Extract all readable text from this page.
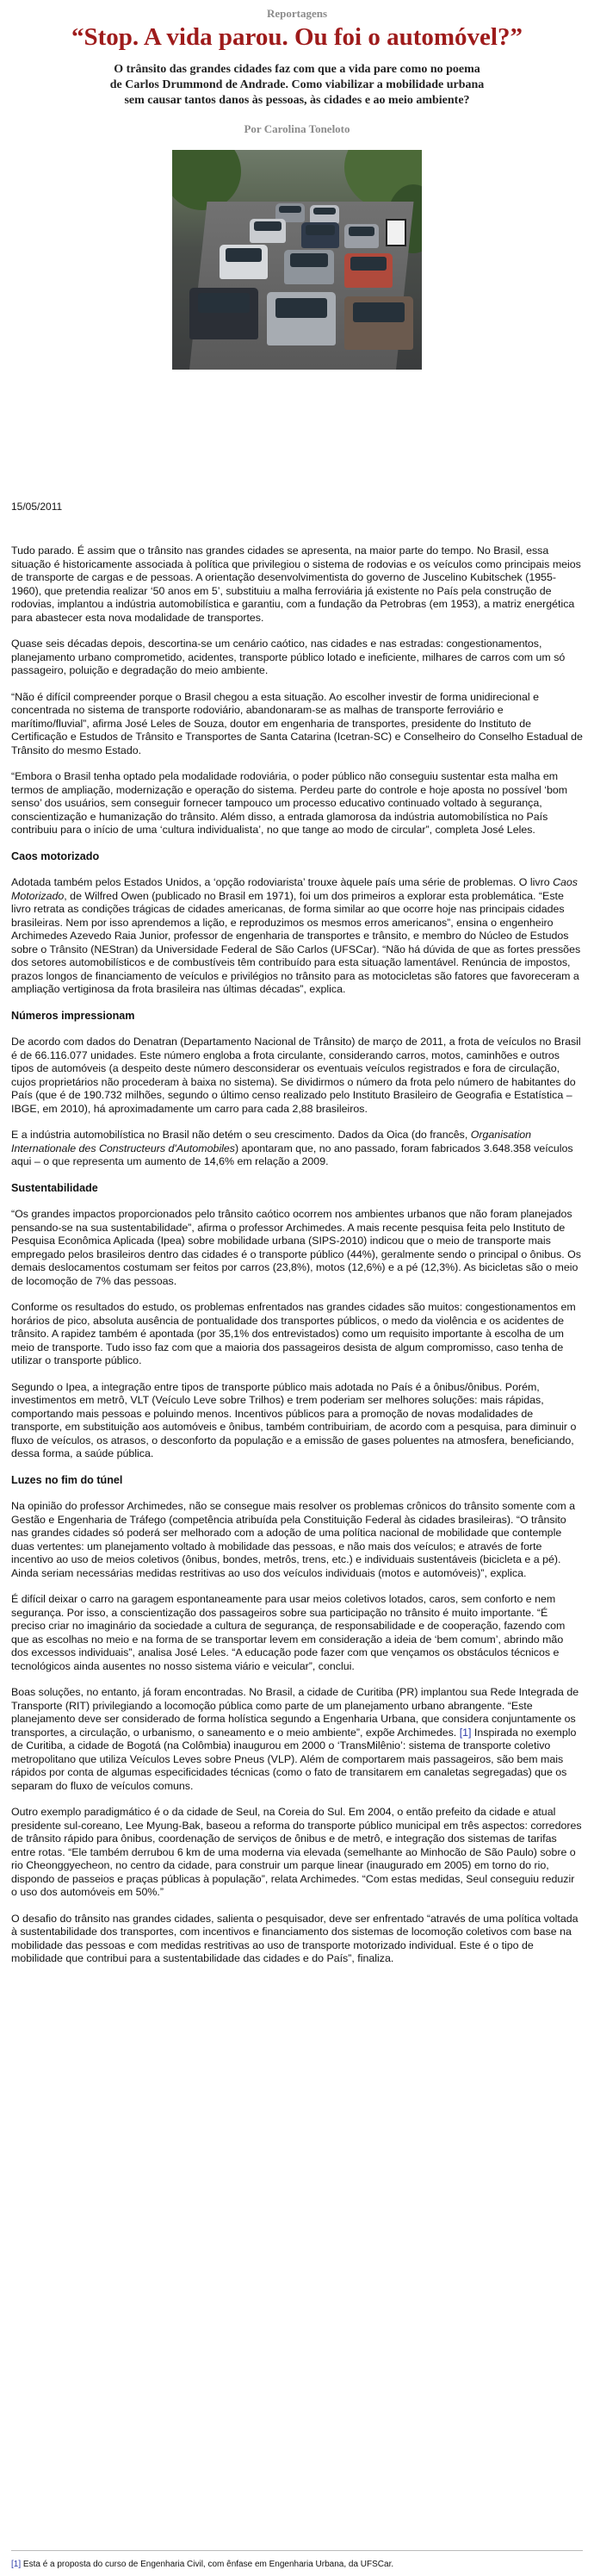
Reportagens
“Stop. A vida parou. Ou foi o automóvel?”
O trânsito das grandes cidades faz com que a vida pare como no poema de Carlos Drummond de Andrade. Como viabilizar a mobilidade urbana sem causar tantos danos às pessoas, às cidades e ao meio ambiente?
Por Carolina Toneloto
15/05/2011

Tudo parado. É assim que o trânsito nas grandes cidades se apresenta, na maior parte do tempo. No Brasil, essa situação é historicamente associada à política que privilegiou o sistema de rodovias e os veículos como principais meios de transporte de cargas e de pessoas. A orientação desenvolvimentista do governo de Juscelino Kubitschek (1955-1960), que pretendia realizar ‘50 anos em 5’, substituiu a malha ferroviária já existente no País pela construção de rodovias, implantou a indústria automobilística e garantiu, com a fundação da Petrobras (em 1953), a matriz energética para abastecer esta nova modalidade de transportes.

Quase seis décadas depois, descortina-se um cenário caótico, nas cidades e nas estradas: congestionamentos, planejamento urbano comprometido, acidentes, transporte público lotado e ineficiente, milhares de carros com um só passageiro, poluição e degradação do meio ambiente.

“Não é difícil compreender porque o Brasil chegou a esta situação. Ao escolher investir de forma unidirecional e concentrada no sistema de transporte rodoviário, abandonaram-se as malhas de transporte ferroviário e marítimo/fluvial”, afirma José Leles de Souza, doutor em engenharia de transportes, presidente do Instituto de Certificação e Estudos de Trânsito e Transportes de Santa Catarina (Icetran-SC) e Conselheiro do Conselho Estadual de Trânsito do mesmo Estado.

“Embora o Brasil tenha optado pela modalidade rodoviária, o poder público não conseguiu sustentar esta malha em termos de ampliação, modernização e operação do sistema. Perdeu parte do controle e hoje aposta no possível ‘bom senso’ dos usuários, sem conseguir fornecer tampouco um processo educativo continuado voltado à segurança, conscientização e humanização do trânsito. Além disso, a entrada glamorosa da indústria automobilística no País contribuiu para o início de uma ‘cultura individualista’, no que tange ao modo de circular”, completa José Leles.

Caos motorizado

Adotada também pelos Estados Unidos, a ‘opção rodoviarista’ trouxe àquele país uma série de problemas. O livro Caos Motorizado, de Wilfred Owen (publicado no Brasil em 1971), foi um dos primeiros a explorar esta problemática. “Este livro retrata as condições trágicas de cidades americanas, de forma similar ao que ocorre hoje nas principais cidades brasileiras. Nem por isso aprendemos a lição, e reproduzimos os mesmos erros americanos”, ensina o engenheiro Archimedes Azevedo Raia Junior, professor de engenharia de transportes e trânsito, e membro do Núcleo de Estudos sobre o Trânsito (NEStran) da Universidade Federal de São Carlos (UFSCar). “Não há dúvida de que as fortes pressões dos setores automobilísticos e de combustíveis têm contribuído para esta situação lamentável. Renúncia de impostos, prazos longos de financiamento de veículos e privilégios no trânsito para as motocicletas são fatores que favoreceram a ampliação vertiginosa da frota brasileira nas últimas décadas”, explica.

Números impressionam

De acordo com dados do Denatran (Departamento Nacional de Trânsito) de março de 2011, a frota de veículos no Brasil é de 66.116.077 unidades. Este número engloba a frota circulante, considerando carros, motos, caminhões e outros tipos de automóveis (a despeito deste número desconsiderar os eventuais veículos registrados e fora de circulação, cujos proprietários não procederam à baixa no sistema). Se dividirmos o número da frota pelo número de habitantes do País (que é de 190.732 milhões, segundo o último censo realizado pelo Instituto Brasileiro de Geografia e Estatística – IBGE, em 2010), há aproximadamente um carro para cada 2,88 brasileiros.

E a indústria automobilística no Brasil não detém o seu crescimento. Dados da Oica (do francês, Organisation Internationale des Constructeurs d'Automobiles) apontaram que, no ano passado, foram fabricados 3.648.358 veículos aqui – o que representa um aumento de 14,6% em relação a 2009.

Sustentabilidade

“Os grandes impactos proporcionados pelo trânsito caótico ocorrem nos ambientes urbanos que não foram planejados pensando-se na sua sustentabilidade”, afirma o professor Archimedes. A mais recente pesquisa feita pelo Instituto de Pesquisa Econômica Aplicada (Ipea) sobre mobilidade urbana (SIPS-2010) indicou que o meio de transporte mais empregado pelos brasileiros dentro das cidades é o transporte público (44%), geralmente sendo o principal o ônibus. Os demais deslocamentos costumam ser feitos por carros (23,8%), motos (12,6%) e a pé (12,3%). As bicicletas são o meio de locomoção de 7% das pessoas.

Conforme os resultados do estudo, os problemas enfrentados nas grandes cidades são muitos: congestionamentos em horários de pico, absoluta ausência de pontualidade dos transportes públicos, o medo da violência e os acidentes de trânsito. A rapidez também é apontada (por 35,1% dos entrevistados) como um requisito importante à escolha de um meio de transporte. Tudo isso faz com que a maioria dos passageiros desista de algum compromisso, caso tenha de utilizar o transporte público.

Segundo o Ipea, a integração entre tipos de transporte público mais adotada no País é a ônibus/ônibus. Porém, investimentos em metrô, VLT (Veículo Leve sobre Trilhos) e trem poderiam ser melhores soluções: mais rápidas, comportando mais pessoas e poluindo menos. Incentivos públicos para a promoção de novas modalidades de transporte, em substituição aos automóveis e ônibus, também contribuiriam, de acordo com a pesquisa, para diminuir o fluxo de veículos, os atrasos, o desconforto da população e a emissão de gases poluentes na atmosfera, beneficiando, dessa forma, a saúde pública.

Luzes no fim do túnel

Na opinião do professor Archimedes, não se consegue mais resolver os problemas crônicos do trânsito somente com a Gestão e Engenharia de Tráfego (competência atribuída pela Constituição Federal às cidades brasileiras). “O trânsito nas grandes cidades só poderá ser melhorado com a adoção de uma política nacional de mobilidade que contemple duas vertentes: um planejamento voltado à mobilidade das pessoas, e não mais dos veículos; e através de forte incentivo ao uso de meios coletivos (ônibus, bondes, metrôs, trens, etc.) e individuais sustentáveis (bicicleta e a pé). Ainda seriam necessárias medidas restritivas ao uso dos veículos individuais (motos e automóveis)”, explica.

É difícil deixar o carro na garagem espontaneamente para usar meios coletivos lotados, caros, sem conforto e nem segurança. Por isso, a conscientização dos passageiros sobre sua participação no trânsito é muito importante. “É preciso criar no imaginário da sociedade a cultura de segurança, de responsabilidade e de cooperação, fazendo com que as escolhas no meio e na forma de se transportar levem em consideração a ideia de ‘bem comum’, abrindo mão dos excessos individuais”, analisa José Leles. “A educação pode fazer com que vençamos os obstáculos técnicos e tecnológicos ainda ausentes no nosso sistema viário e veicular”, conclui.

Boas soluções, no entanto, já foram encontradas. No Brasil, a cidade de Curitiba (PR) implantou sua Rede Integrada de Transporte (RIT) privilegiando a locomoção pública como parte de um planejamento urbano abrangente. “Este planejamento deve ser considerado de forma holística segundo a Engenharia Urbana, que considera conjuntamente os transportes, a circulação, o urbanismo, o saneamento e o meio ambiente”, expõe Archimedes. [1] Inspirada no exemplo de Curitiba, a cidade de Bogotá (na Colômbia) inaugurou em 2000 o ‘TransMilênio’: sistema de transporte coletivo metropolitano que utiliza Veículos Leves sobre Pneus (VLP). Além de comportarem mais passageiros, são bem mais rápidos por conta de algumas especificidades técnicas (como o fato de transitarem em canaletas segregadas) que os separam do fluxo de veículos comuns.

Outro exemplo paradigmático é o da cidade de Seul, na Coreia do Sul. Em 2004, o então prefeito da cidade e atual presidente sul-coreano, Lee Myung-Bak, baseou a reforma do transporte público municipal em três aspectos: corredores de trânsito rápido para ônibus, coordenação de serviços de ônibus e de metrô, e integração dos sistemas de tarifas entre rotas. “Ele também derrubou 6 km de uma moderna via elevada (semelhante ao Minhocão de São Paulo) sobre o rio Cheonggyecheon, no centro da cidade, para construir um parque linear (inaugurado em 2005) em torno do rio, dispondo de passeios e praças públicas à população”, relata Archimedes. “Com estas medidas, Seul conseguiu reduzir o uso dos automóveis em 50%.”

O desafio do trânsito nas grandes cidades, salienta o pesquisador, deve ser enfrentado “através de uma política voltada à sustentabilidade dos transportes, com incentivos e financiamento dos sistemas de locomoção coletivos com base na mobilidade das pessoas e com medidas restritivas ao uso de transporte motorizado individual. Este é o tipo de mobilidade que contribui para a sustentabilidade das cidades e do País”, finaliza.

[1] Esta é a proposta do curso de Engenharia Civil, com ênfase em Engenharia Urbana, da UFSCar.
